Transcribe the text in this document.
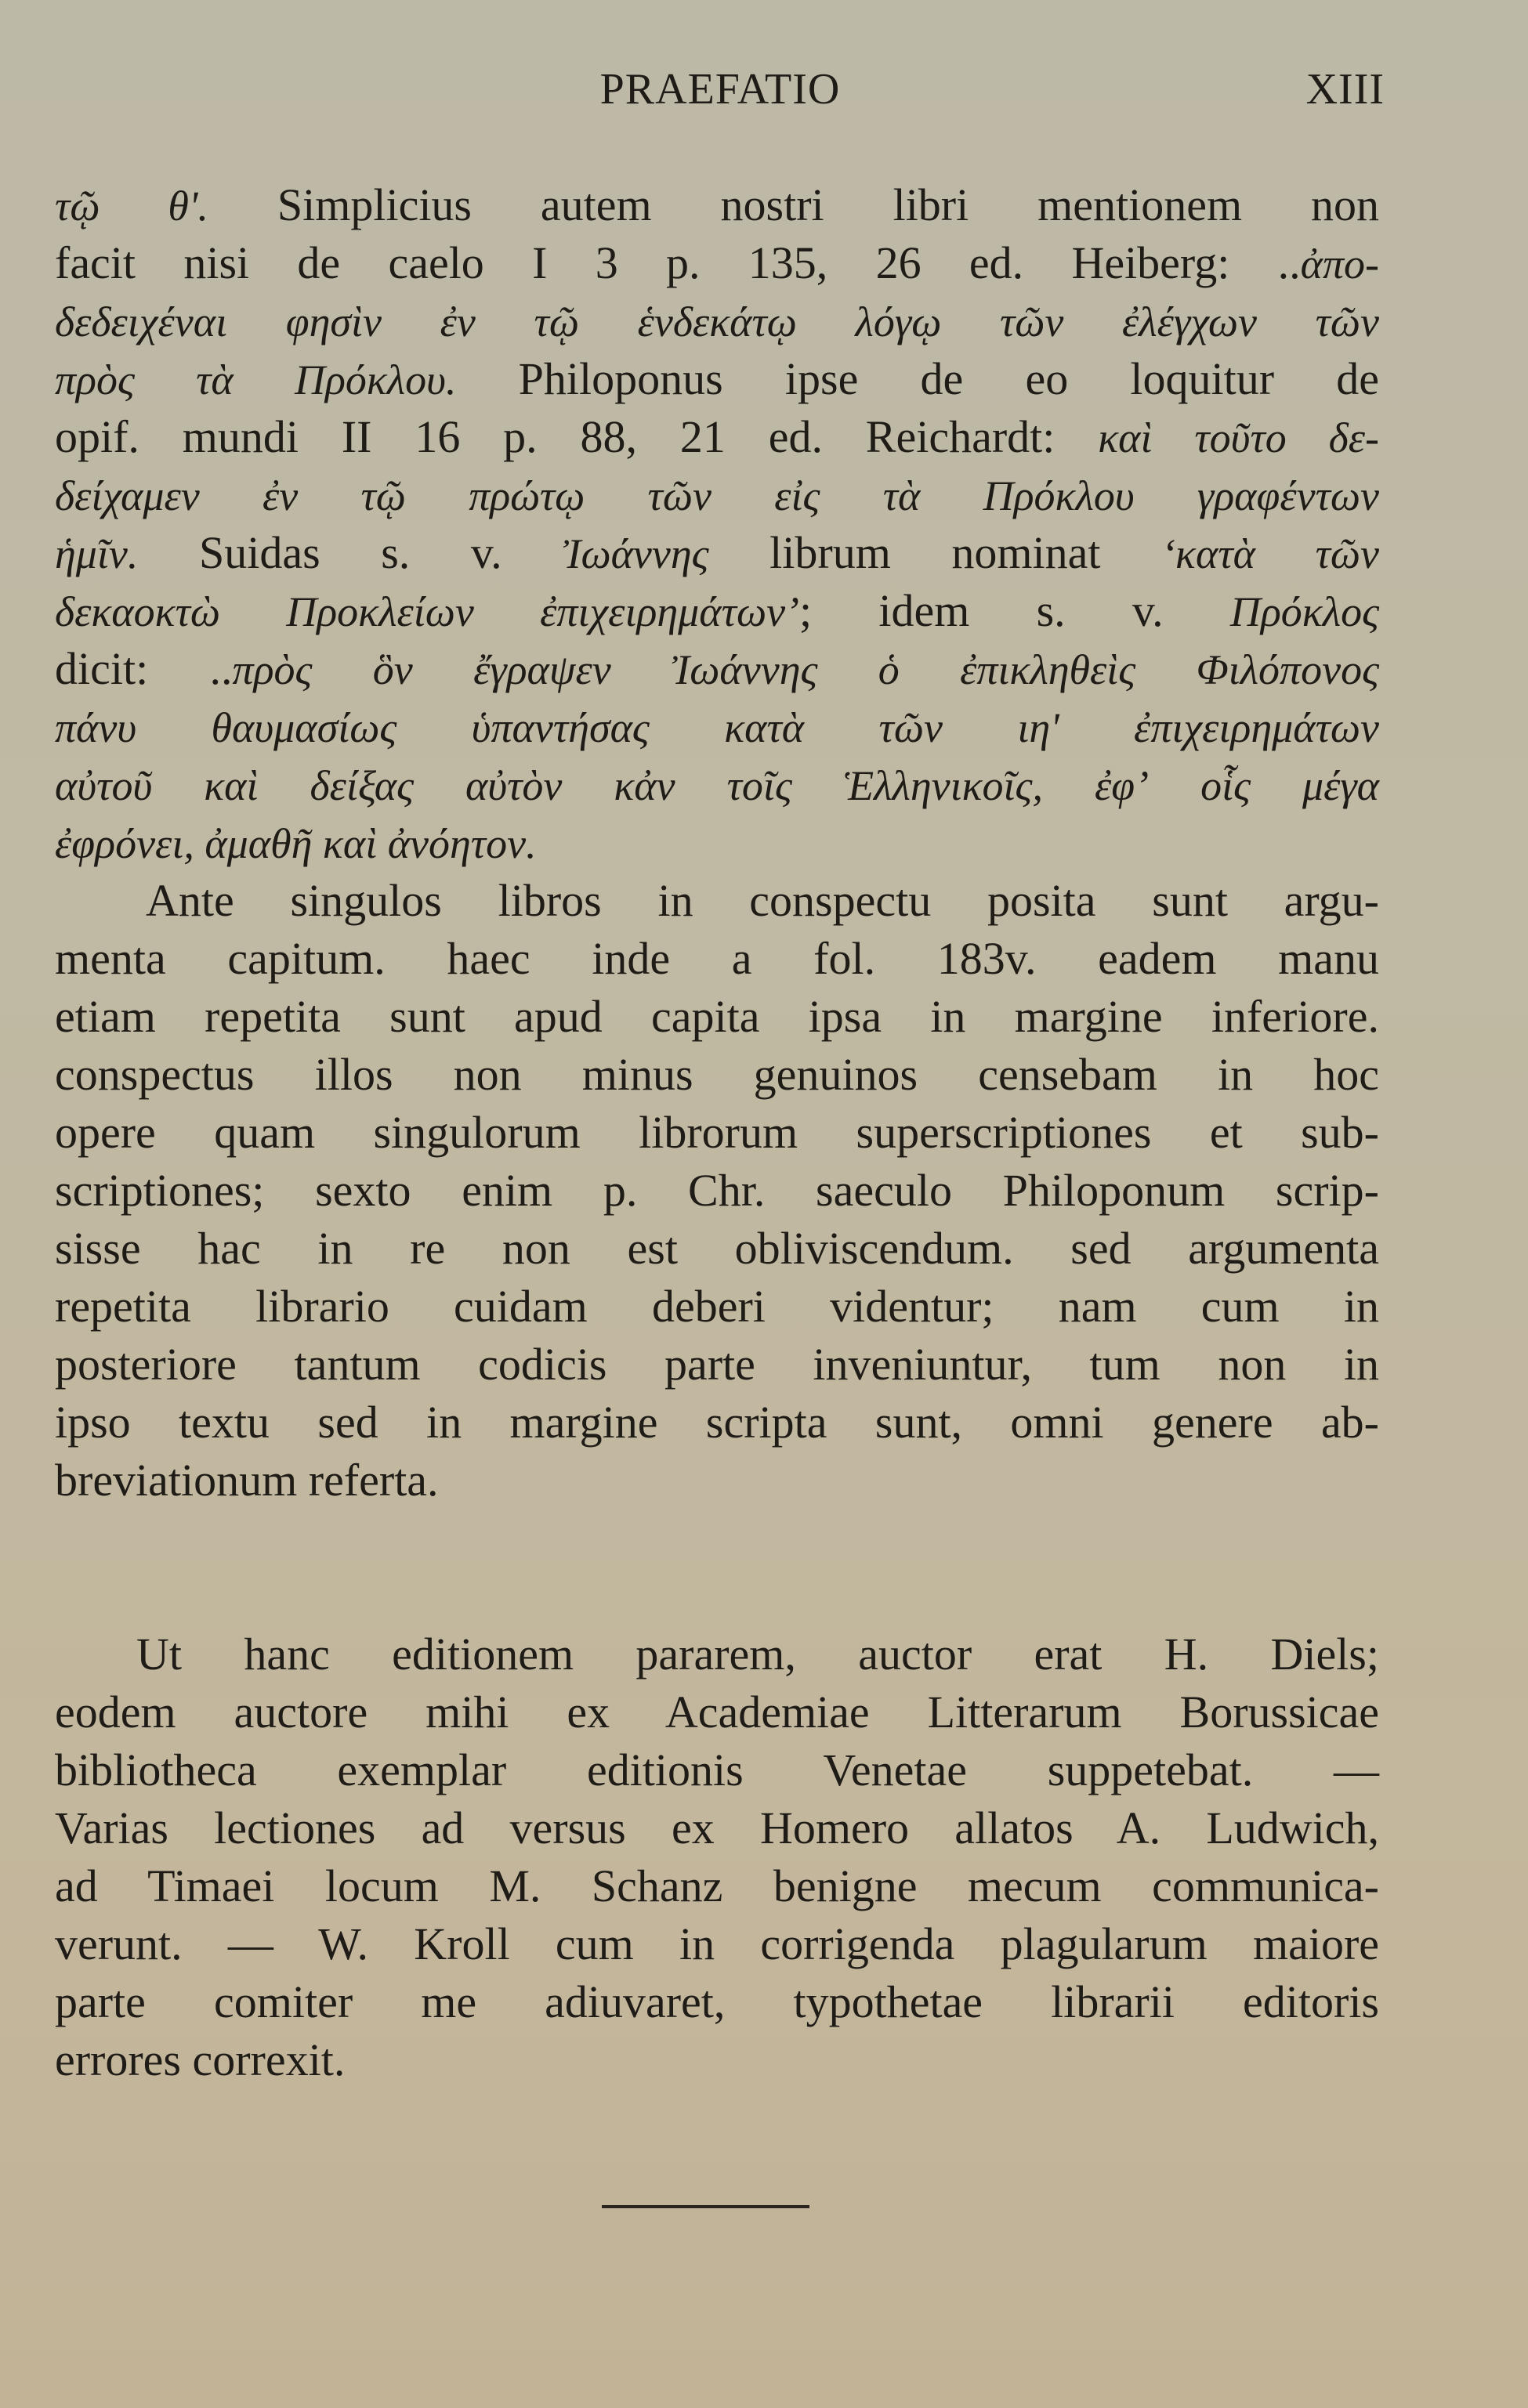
PRAEFATIO	XIII
τῷ θʹ. Simplicius autem nostri libri mentionem non
facit nisi de caelo I 3 p. 135, 26 ed. Heiberg: ..ἀπο-
δεδειχέναι φησὶν ἐν τῷ ἑνδεκάτῳ λόγῳ τῶν ἐλέγχων τῶν
πρὸς τὰ Πρόκλου. Philoponus ipse de eo loquitur de
opif. mundi II 16 p. 88, 21 ed. Reichardt: καὶ τοῦτο δε-
δείχαμεν ἐν τῷ πρώτῳ τῶν εἰς τὰ Πρόκλου γραφέντων
ἡμῖν. Suidas s. v. Ἰωάννης librum nominat ‘κατὰ τῶν
δεκαοκτὼ Προκλείων ἐπιχειρημάτων’; idem s. v. Πρόκλος
dicit: ..πρὸς ὃν ἔγραψεν Ἰωάννης ὁ ἐπικληθεὶς Φιλόπονος
πάνυ θαυμασίως ὑπαντήσας κατὰ τῶν ιηʹ ἐπιχειρημάτων
αὐτοῦ καὶ δείξας αὐτὸν κἀν τοῖς Ἑλληνικοῖς, ἐφʼ οἷς μέγα
ἐφρόνει, ἀμαθῆ καὶ ἀνόητον.
Ante singulos libros in conspectu posita sunt argu-
menta capitum. haec inde a fol. 183v. eadem manu
etiam repetita sunt apud capita ipsa in margine inferiore.
conspectus illos non minus genuinos censebam in hoc
opere quam singulorum librorum superscriptiones et sub-
scriptiones; sexto enim p. Chr. saeculo Philoponum scrip-
sisse hac in re non est obliviscendum. sed argumenta
repetita librario cuidam deberi videntur; nam cum in
posteriore tantum codicis parte inveniuntur, tum non in
ipso textu sed in margine scripta sunt, omni genere ab-
breviationum referta.
Ut hanc editionem pararem, auctor erat H. Diels;
eodem auctore mihi ex Academiae Litterarum Borussicae
bibliotheca exemplar editionis Venetae suppetebat. —
Varias lectiones ad versus ex Homero allatos A. Ludwich,
ad Timaei locum M. Schanz benigne mecum communica-
verunt. — W. Kroll cum in corrigenda plagularum maiore
parte comiter me adiuvaret, typothetae librarii editoris
errores correxit.
